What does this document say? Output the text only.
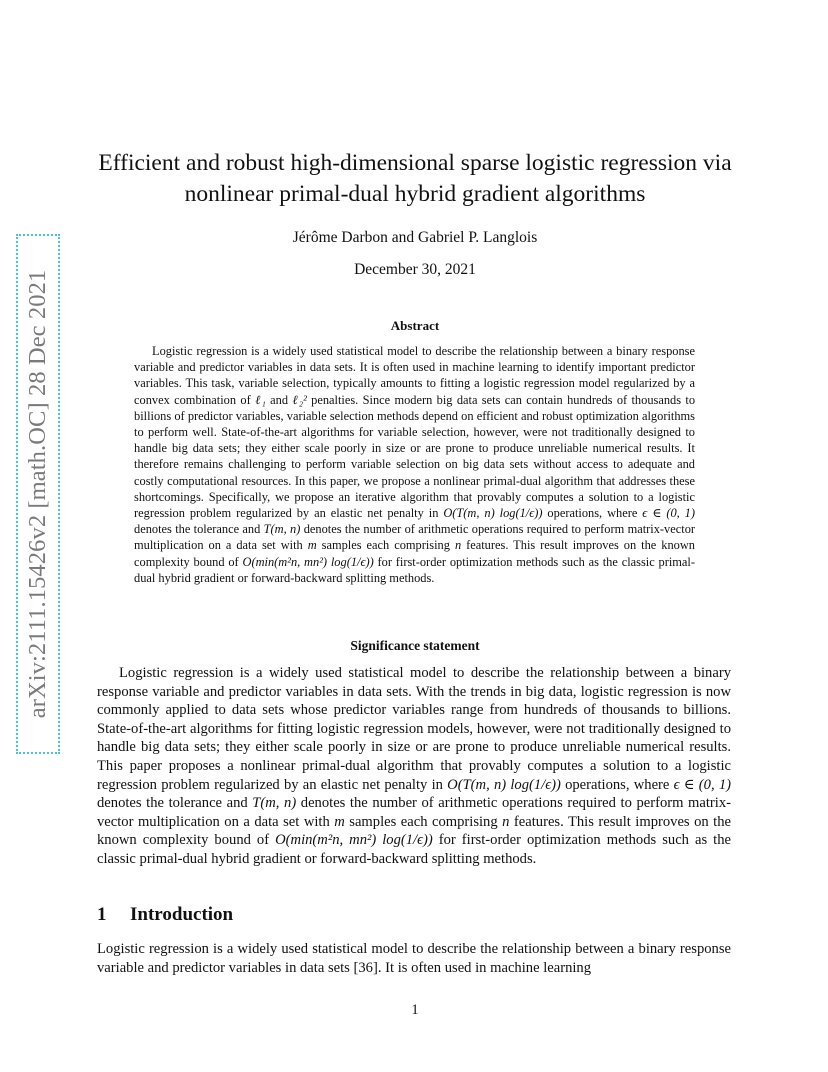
arXiv:2111.15426v2 [math.OC] 28 Dec 2021
Efficient and robust high-dimensional sparse logistic regression via
nonlinear primal-dual hybrid gradient algorithms
Jérôme Darbon and Gabriel P. Langlois
December 30, 2021
Abstract

Logistic regression is a widely used statistical model to describe the relationship between a binary response variable and predictor variables in data sets. It is often used in machine learning to identify important predictor variables. This task, variable selection, typically amounts to fitting a logistic regression model regularized by a convex combination of ℓ₁ and ℓ₂² penalties. Since modern big data sets can contain hundreds of thousands to billions of predictor variables, variable selection methods depend on efficient and robust optimization algorithms to perform well. State-of-the-art algorithms for variable selection, however, were not traditionally designed to handle big data sets; they either scale poorly in size or are prone to produce unreliable numerical results. It therefore remains challenging to perform variable selection on big data sets without access to adequate and costly computational resources. In this paper, we propose a nonlinear primal-dual algorithm that addresses these shortcomings. Specifically, we propose an iterative algorithm that provably computes a solution to a logistic regression problem regularized by an elastic net penalty in O(T(m, n) log(1/ϵ)) operations, where ϵ ∈ (0, 1) denotes the tolerance and T(m, n) denotes the number of arithmetic operations required to perform matrix-vector multiplication on a data set with m samples each comprising n features. This result improves on the known complexity bound of O(min(m²n, mn²) log(1/ϵ)) for first-order optimization methods such as the classic primal-dual hybrid gradient or forward-backward splitting methods.

Significance statement

Logistic regression is a widely used statistical model to describe the relationship between a binary response variable and predictor variables in data sets. With the trends in big data, logistic regression is now commonly applied to data sets whose predictor variables range from hundreds of thousands to billions. State-of-the-art algorithms for fitting logistic regression models, however, were not traditionally designed to handle big data sets; they either scale poorly in size or are prone to produce unreliable numerical results. This paper proposes a nonlinear primal-dual algorithm that provably computes a solution to a logistic regression problem regularized by an elastic net penalty in O(T(m, n) log(1/ϵ)) operations, where ϵ ∈ (0, 1) denotes the tolerance and T(m, n) denotes the number of arithmetic operations required to perform matrix-vector multiplication on a data set with m samples each comprising n features. This result improves on the known complexity bound of O(min(m²n, mn²) log(1/ϵ)) for first-order optimization methods such as the classic primal-dual hybrid gradient or forward-backward splitting methods.

1 Introduction

Logistic regression is a widely used statistical model to describe the relationship between a binary response variable and predictor variables in data sets [36]. It is often used in machine learning

1
